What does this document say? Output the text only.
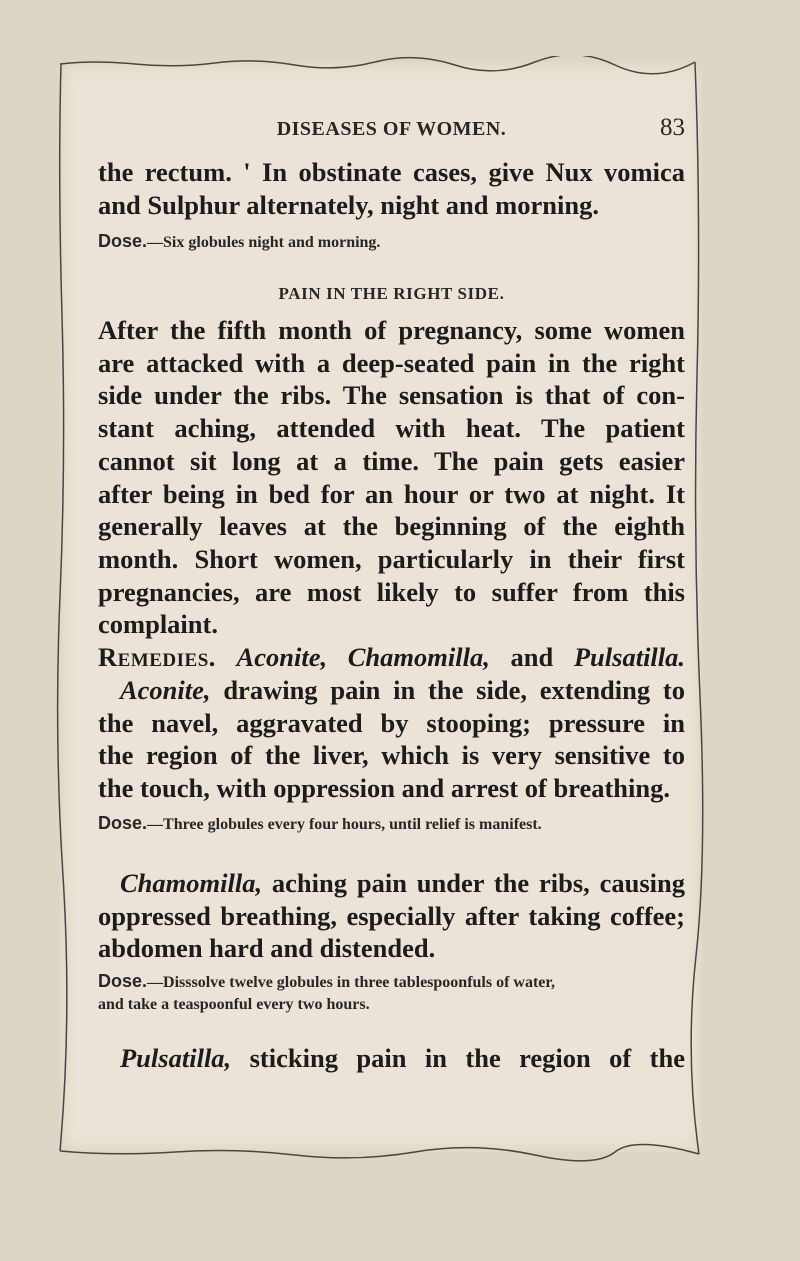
DISEASES OF WOMEN.	83

the rectum. ' In obstinate cases, give Nux vomica
and Sulphur alternately, night and morning.

Dose.—Six globules night and morning.

PAIN IN THE RIGHT SIDE.

After the fifth month of pregnancy, some women
are attacked with a deep-seated pain in the right
side under the ribs. The sensation is that of con-
stant aching, attended with heat. The patient
cannot sit long at a time. The pain gets easier
after being in bed for an hour or two at night. It
generally leaves at the beginning of the eighth
month. Short women, particularly in their first
pregnancies, are most likely to suffer from this
complaint.

Remedies. Aconite, Chamomilla, and Pulsatilla.

Aconite, drawing pain in the side, extending to
the navel, aggravated by stooping; pressure in
the region of the liver, which is very sensitive to
the touch, with oppression and arrest of breathing.

Dose.—Three globules every four hours, until relief is manifest.

Chamomilla, aching pain under the ribs, causing
oppressed breathing, especially after taking coffee;
abdomen hard and distended.

Dose.—Disssolve twelve globules in three tablespoonfuls of water,
and take a teaspoonful every two hours.

Pulsatilla, sticking pain in the region of the
